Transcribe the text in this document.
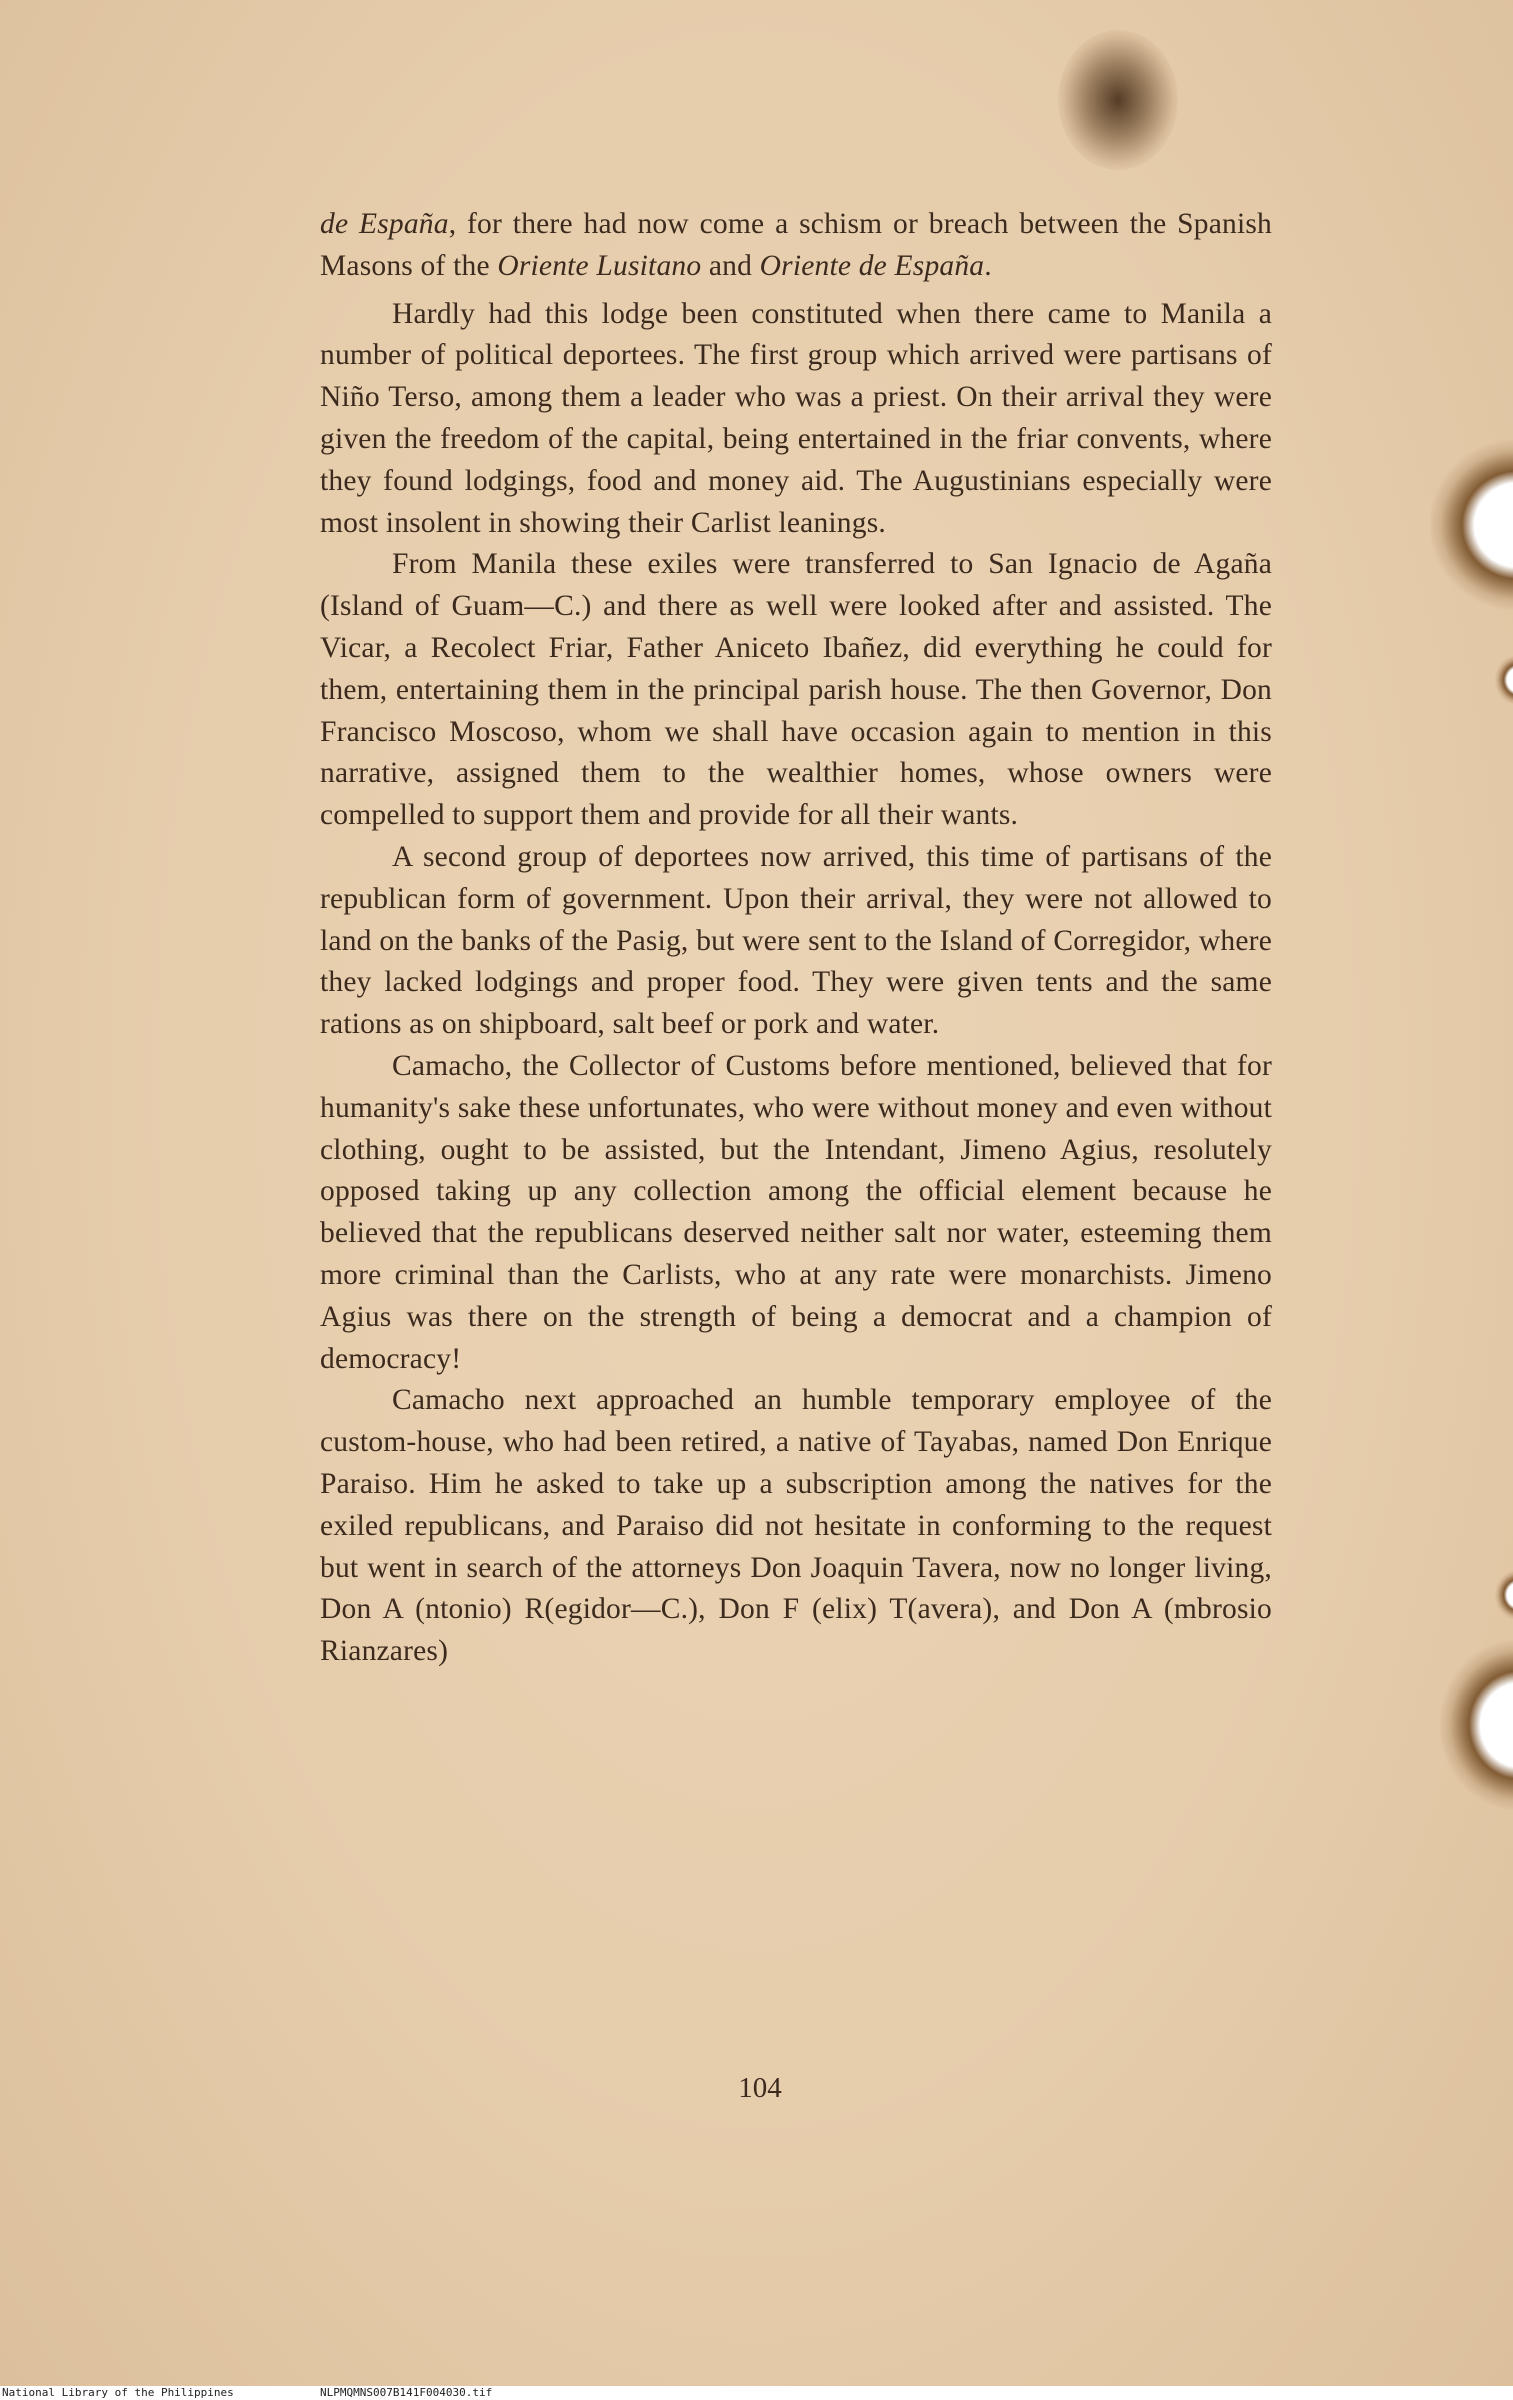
de España, for there had now come a schism or breach between the Spanish Masons of the Oriente Lusitano and Oriente de España.

Hardly had this lodge been constituted when there came to Manila a number of political deportees. The first group which arrived were partisans of Niño Terso, among them a leader who was a priest. On their arrival they were given the freedom of the capital, being entertained in the friar convents, where they found lodgings, food and money aid. The Augustinians especially were most insolent in showing their Carlist leanings.

From Manila these exiles were transferred to San Ignacio de Agaña (Island of Guam—C.) and there as well were looked after and assisted. The Vicar, a Recolect Friar, Father Aniceto Ibañez, did everything he could for them, entertaining them in the principal parish house. The then Governor, Don Francisco Moscoso, whom we shall have occasion again to mention in this narrative, assigned them to the wealthier homes, whose owners were compelled to support them and provide for all their wants.

A second group of deportees now arrived, this time of partisans of the republican form of government. Upon their arrival, they were not allowed to land on the banks of the Pasig, but were sent to the Island of Corregidor, where they lacked lodgings and proper food. They were given tents and the same rations as on shipboard, salt beef or pork and water.

Camacho, the Collector of Customs before mentioned, believed that for humanity's sake these unfortunates, who were without money and even without clothing, ought to be assisted, but the Intendant, Jimeno Agius, resolutely opposed taking up any collection among the official element because he believed that the republicans deserved neither salt nor water, esteeming them more criminal than the Carlists, who at any rate were monarchists. Jimeno Agius was there on the strength of being a democrat and a champion of democracy!

Camacho next approached an humble temporary employee of the custom-house, who had been retired, a native of Tayabas, named Don Enrique Paraiso. Him he asked to take up a subscription among the natives for the exiled republicans, and Paraiso did not hesitate in conforming to the request but went in search of the attorneys Don Joaquin Tavera, now no longer living, Don A (ntonio) R(egidor—C.), Don F (elix) T(avera), and Don A (mbrosio Rianzares)

104
National Library of the Philippines	NLPMQMNS007B141F004030.tif
